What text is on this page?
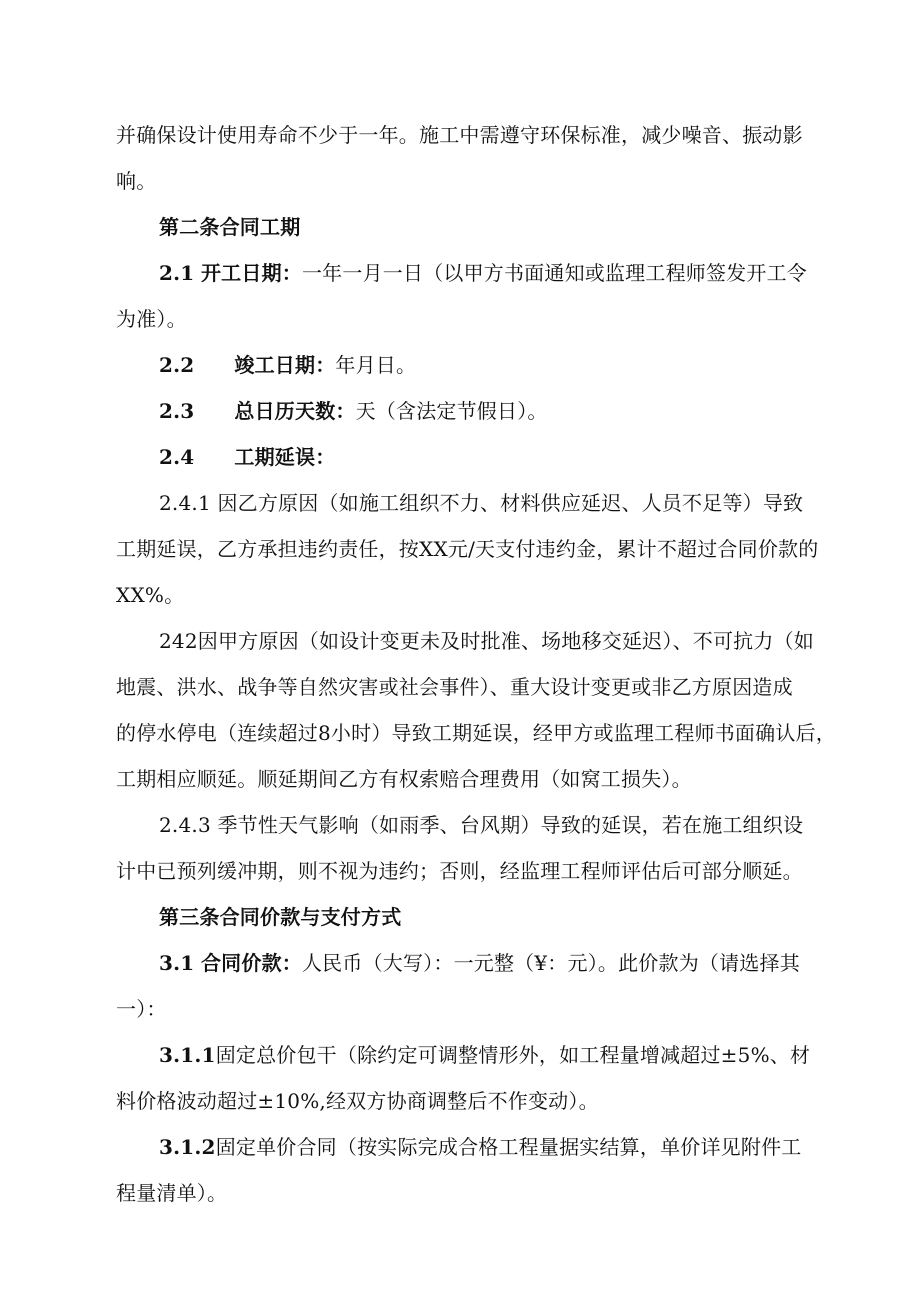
并确保设计使用寿命不少于一年。施工中需遵守环保标准，减少噪音、振动影
响。
第二条合同工期
2.1 开工日期：一年一月一日（以甲方书面通知或监理工程师签发开工令
为准）。
2.2 竣工日期：年月日。
2.3 总日历天数：天（含法定节假日）。
2.4 工期延误：
2.4.1 因乙方原因（如施工组织不力、材料供应延迟、人员不足等）导致
工期延误，乙方承担违约责任，按XX元/天支付违约金，累计不超过合同价款的
XX%。
242因甲方原因（如设计变更未及时批准、场地移交延迟）、不可抗力（如
地震、洪水、战争等自然灾害或社会事件）、重大设计变更或非乙方原因造成
的停水停电（连续超过8小时）导致工期延误，经甲方或监理工程师书面确认后，
工期相应顺延。顺延期间乙方有权索赔合理费用（如窝工损失）。
2.4.3 季节性天气影响（如雨季、台风期）导致的延误，若在施工组织设
计中已预列缓冲期，则不视为违约；否则，经监理工程师评估后可部分顺延。
第三条合同价款与支付方式
3.1 合同价款：人民币（大写）：一元整（¥：元）。此价款为（请选择其
一）：
3.1.1固定总价包干（除约定可调整情形外，如工程量增减超过±5%、材
料价格波动超过±10%,经双方协商调整后不作变动）。
3.1.2固定单价合同（按实际完成合格工程量据实结算，单价详见附件工
程量清单）。
